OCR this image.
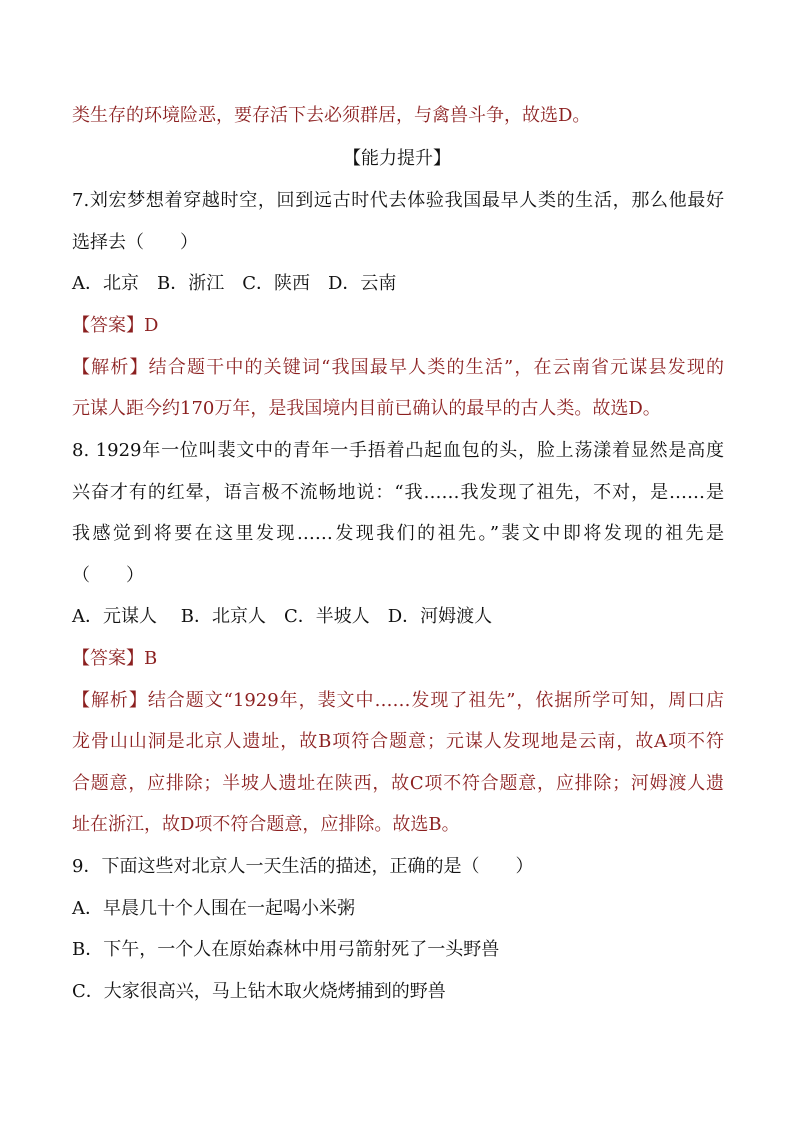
类生存的环境险恶，要存活下去必须群居，与禽兽斗争，故选D。
【能力提升】
7.刘宏梦想着穿越时空，回到远古时代去体验我国最早人类的生活，那么他最好
选择去（　　）
A．北京　B．浙江　C．陕西　D．云南
【答案】D
【解析】结合题干中的关键词“我国最早人类的生活”，在云南省元谋县发现的
元谋人距今约170万年，是我国境内目前已确认的最早的古人类。故选D。
8. 1929年一位叫裴文中的青年一手捂着凸起血包的头，脸上荡漾着显然是高度
兴奋才有的红晕，语言极不流畅地说：“我……我发现了祖先，不对，是……是
我感觉到将要在这里发现……发现我们的祖先。”裴文中即将发现的祖先是
（　　）
A．元谋人　 B．北京人　C．半坡人　D．河姆渡人
【答案】B
【解析】结合题文“1929年，裴文中……发现了祖先”，依据所学可知，周口店
龙骨山山洞是北京人遗址，故B项符合题意；元谋人发现地是云南，故A项不符
合题意，应排除；半坡人遗址在陕西，故C项不符合题意，应排除；河姆渡人遗
址在浙江，故D项不符合题意，应排除。故选B。
9．下面这些对北京人一天生活的描述，正确的是（　　）
A．早晨几十个人围在一起喝小米粥
B．下午，一个人在原始森林中用弓箭射死了一头野兽
C．大家很高兴，马上钻木取火烧烤捕到的野兽
